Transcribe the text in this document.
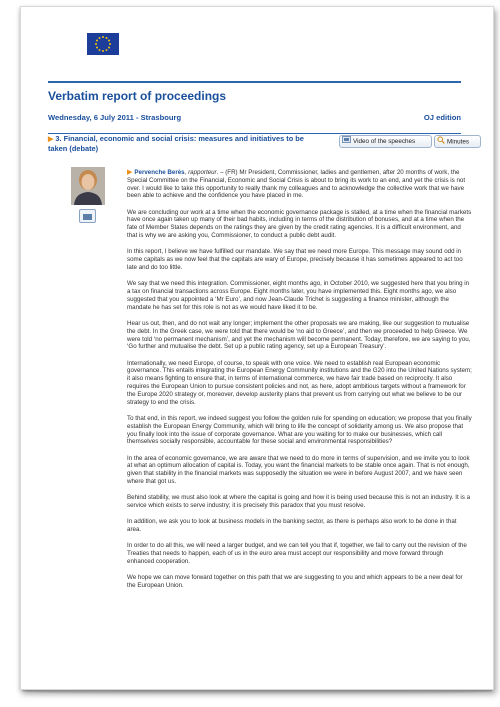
Verbatim report of proceedings
Wednesday, 6 July 2011 - Strasbourg	OJ edition
▶ 3. Financial, economic and social crisis: measures and initiatives to be taken (debate)
Video of the speeches	Minutes

▶ Pervenche Berès, rapporteur. – (FR) Mr President, Commissioner, ladies and gentlemen, after 20 months of work, the Special Committee on the Financial, Economic and Social Crisis is about to bring its work to an end, and yet the crisis is not over. I would like to take this opportunity to really thank my colleagues and to acknowledge the collective work that we have been able to achieve and the confidence you have placed in me.

We are concluding our work at a time when the economic governance package is stalled, at a time when the financial markets have once again taken up many of their bad habits, including in terms of the distribution of bonuses, and at a time when the fate of Member States depends on the ratings they are given by the credit rating agencies. It is a difficult environment, and that is why we are asking you, Commissioner, to conduct a public debt audit.

In this report, I believe we have fulfilled our mandate. We say that we need more Europe. This message may sound odd in some capitals as we now feel that the capitals are wary of Europe, precisely because it has sometimes appeared to act too late and do too little.

We say that we need this integration. Commissioner, eight months ago, in October 2010, we suggested here that you bring in a tax on financial transactions across Europe. Eight months later, you have implemented this. Eight months ago, we also suggested that you appointed a ‘Mr Euro’, and now Jean-Claude Trichet is suggesting a finance minister, although the mandate he has set for this role is not as we would have liked it to be.

Hear us out, then, and do not wait any longer; implement the other proposals we are making, like our suggestion to mutualise the debt. In the Greek case, we were told that there would be ‘no aid to Greece’, and then we proceeded to help Greece. We were told ‘no permanent mechanism’, and yet the mechanism will become permanent. Today, therefore, we are saying to you, ‘Go further and mutualise the debt. Set up a public rating agency, set up a European Treasury’.

Internationally, we need Europe, of course, to speak with one voice. We need to establish real European economic governance. This entails integrating the European Energy Community institutions and the G20 into the United Nations system; it also means fighting to ensure that, in terms of international commerce, we have fair trade based on reciprocity. It also requires the European Union to pursue consistent policies and not, as here, adopt ambitious targets without a framework for the Europe 2020 strategy or, moreover, develop austerity plans that prevent us from carrying out what we believe to be our strategy to end the crisis.

To that end, in this report, we indeed suggest you follow the golden rule for spending on education; we propose that you finally establish the European Energy Community, which will bring to life the concept of solidarity among us. We also propose that you finally look into the issue of corporate governance. What are you waiting for to make our businesses, which call themselves socially responsible, accountable for these social and environmental responsibilities?

In the area of economic governance, we are aware that we need to do more in terms of supervision, and we invite you to look at what an optimum allocation of capital is. Today, you want the financial markets to be stable once again. That is not enough, given that stability in the financial markets was supposedly the situation we were in before August 2007, and we have seen where that got us.

Behind stability, we must also look at where the capital is going and how it is being used because this is not an industry. It is a service which exists to serve industry; it is precisely this paradox that you must resolve.

In addition, we ask you to look at business models in the banking sector, as there is perhaps also work to be done in that area.

In order to do all this, we will need a larger budget, and we can tell you that if, together, we fail to carry out the revision of the Treaties that needs to happen, each of us in the euro area must accept our responsibility and move forward through enhanced cooperation.

We hope we can move forward together on this path that we are suggesting to you and which appears to be a new deal for the European Union.
